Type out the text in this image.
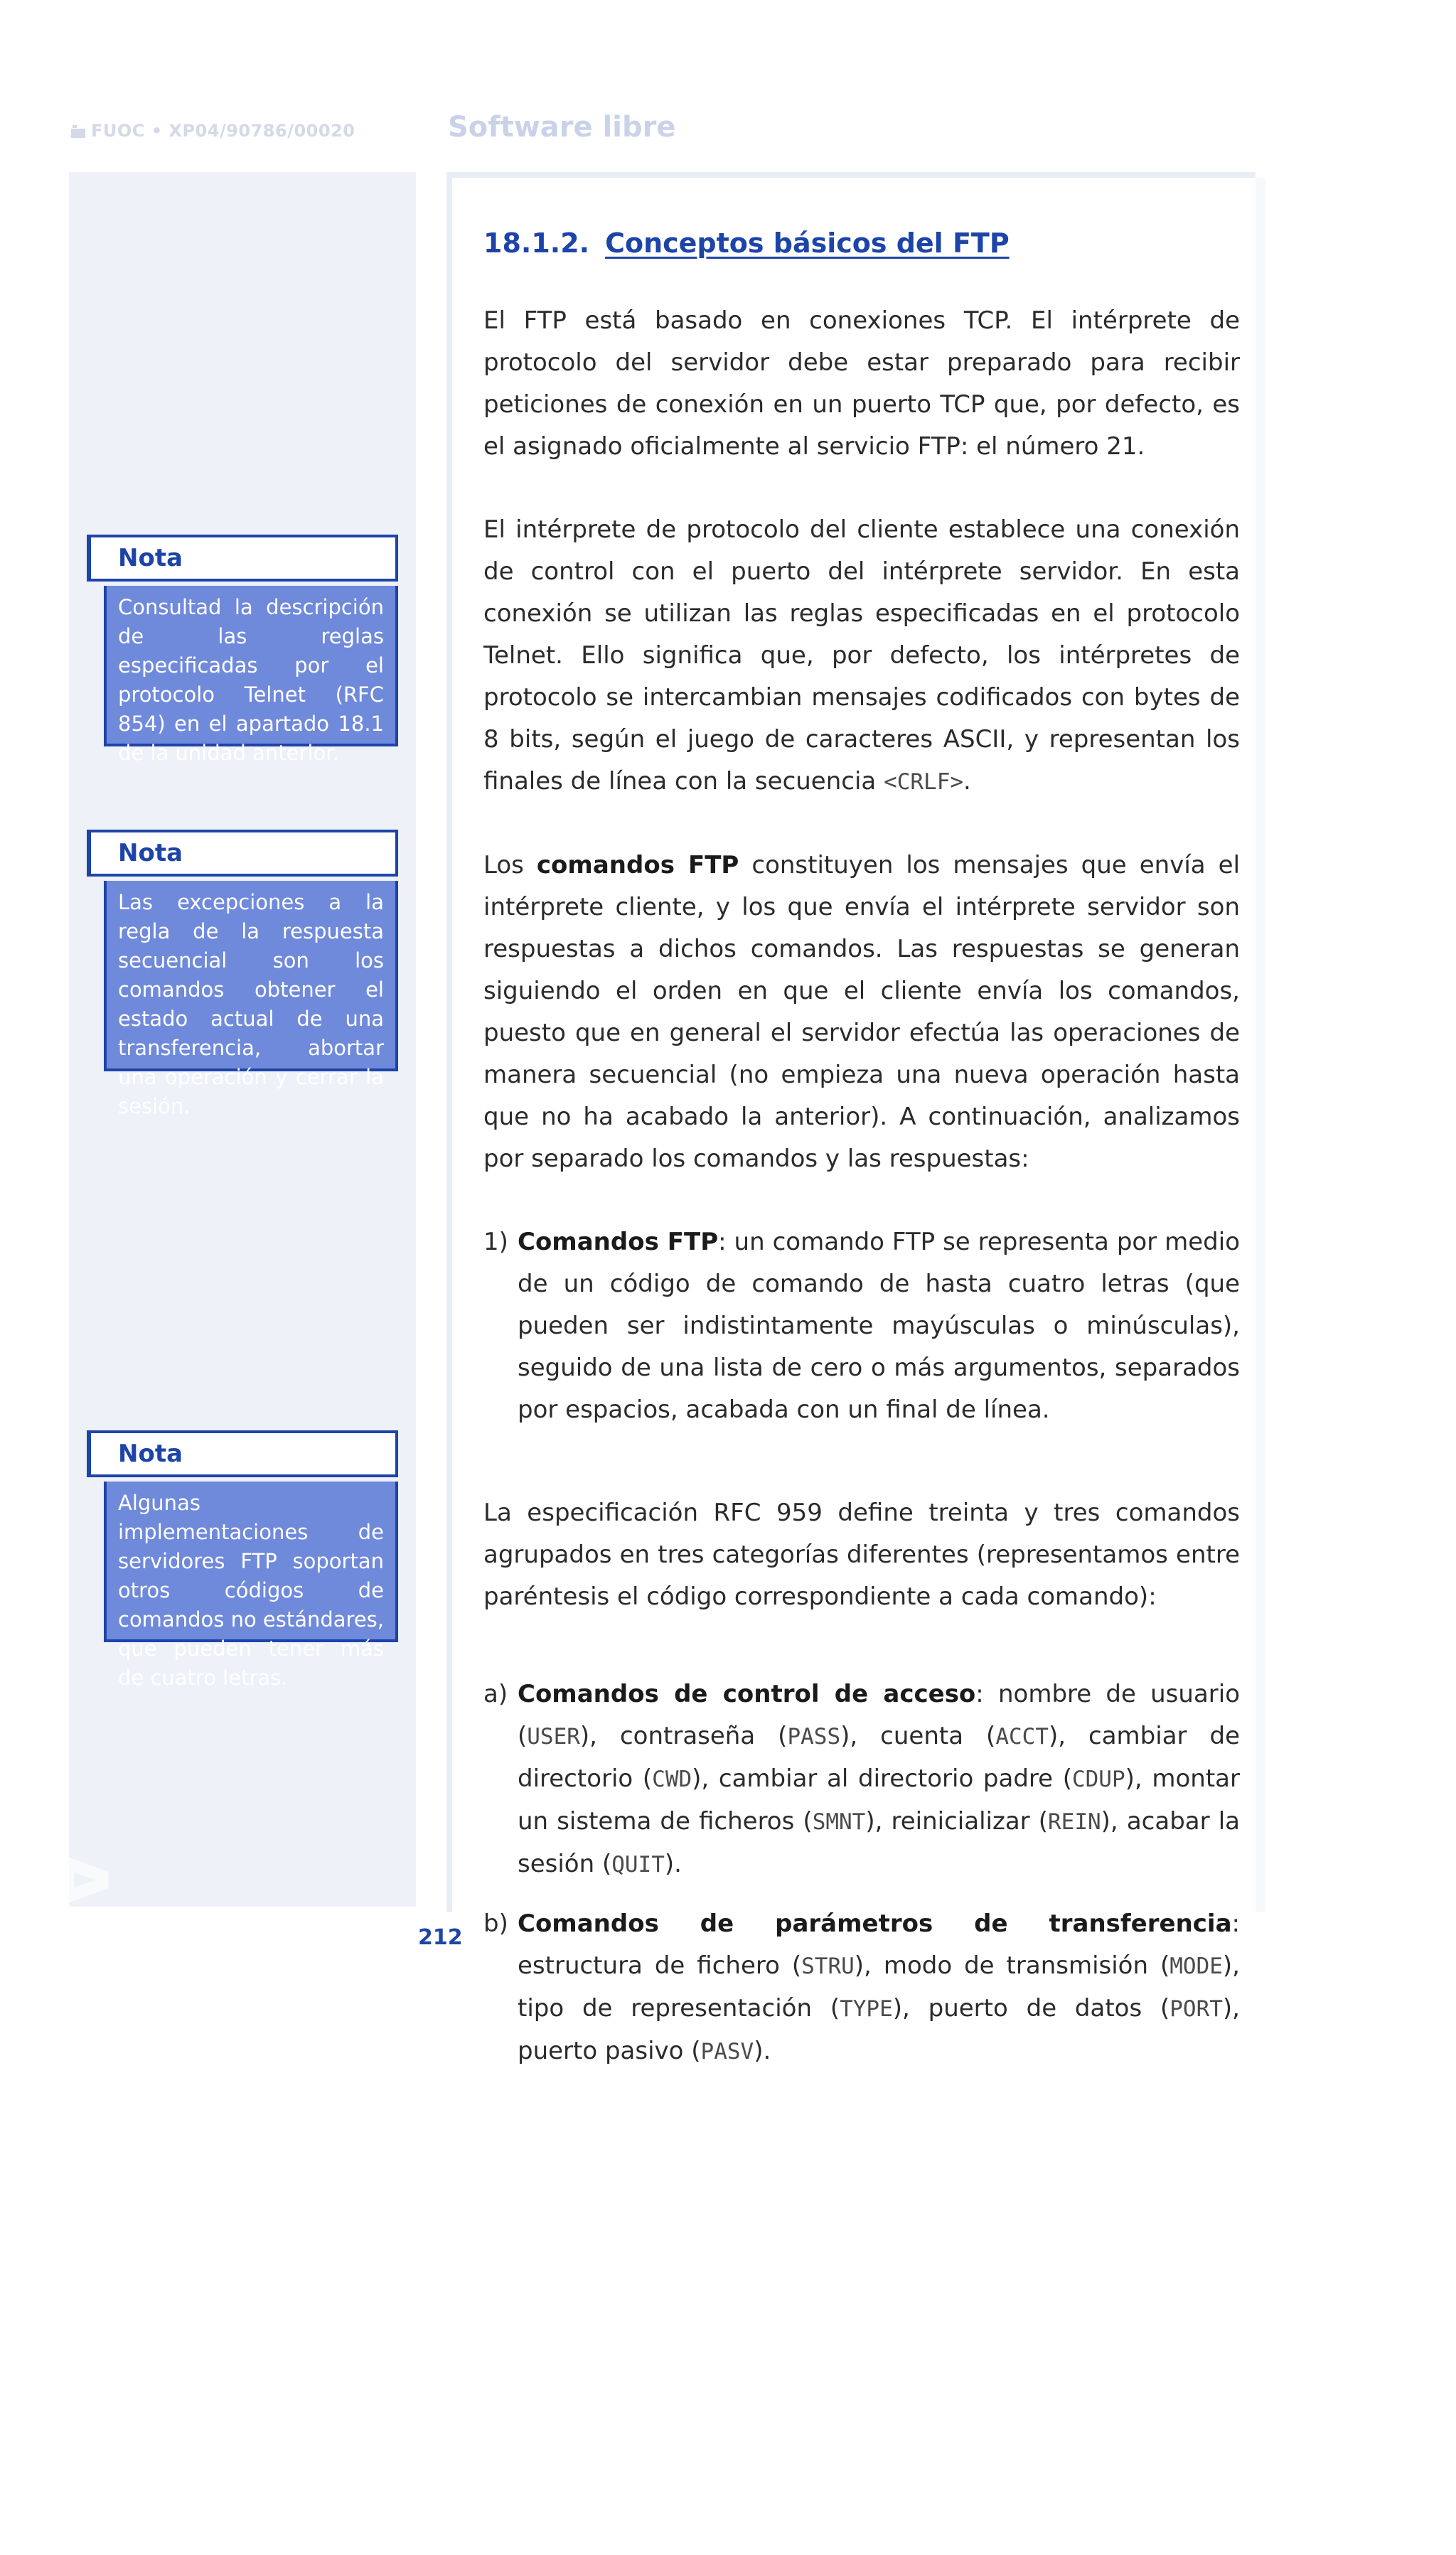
FUOC • XP04/90786/00020	Software libre
ANOTACIONES
Nota
Consultad la descripción de las reglas especificadas por el protocolo Telnet (RFC 854) en el apartado 18.1 de la unidad anterior.
Nota
Las excepciones a la regla de la respuesta secuencial son los comandos obtener el estado actual de una transferencia, abortar una operación y cerrar la sesión.
Nota
Algunas implementaciones de servidores FTP soportan otros códigos de comandos no estándares, que pueden tener más de cuatro letras.
18.1.2. Conceptos básicos del FTP

El FTP está basado en conexiones TCP. El intérprete de protocolo del servidor debe estar preparado para recibir peticiones de conexión en un puerto TCP que, por defecto, es el asignado oficialmente al servicio FTP: el número 21.

El intérprete de protocolo del cliente establece una conexión de control con el puerto del intérprete servidor. En esta conexión se utilizan las reglas especificadas en el protocolo Telnet. Ello significa que, por defecto, los intérpretes de protocolo se intercambian mensajes codificados con bytes de 8 bits, según el juego de caracteres ASCII, y representan los finales de línea con la secuencia <CRLF>.

Los comandos FTP constituyen los mensajes que envía el intérprete cliente, y los que envía el intérprete servidor son respuestas a dichos comandos. Las respuestas se generan siguiendo el orden en que el cliente envía los comandos, puesto que en general el servidor efectúa las operaciones de manera secuencial (no empieza una nueva operación hasta que no ha acabado la anterior). A continuación, analizamos por separado los comandos y las respuestas:

1) Comandos FTP: un comando FTP se representa por medio de un código de comando de hasta cuatro letras (que pueden ser indistintamente mayúsculas o minúsculas), seguido de una lista de cero o más argumentos, separados por espacios, acabada con un final de línea.

La especificación RFC 959 define treinta y tres comandos agrupados en tres categorías diferentes (representamos entre paréntesis el código correspondiente a cada comando):

a) Comandos de control de acceso: nombre de usuario (USER), contraseña (PASS), cuenta (ACCT), cambiar de directorio (CWD), cambiar al directorio padre (CDUP), montar un sistema de ficheros (SMNT), reinicializar (REIN), acabar la sesión (QUIT).

b) Comandos de parámetros de transferencia: estructura de fichero (STRU), modo de transmisión (MODE), tipo de representación (TYPE), puerto de datos (PORT), puerto pasivo (PASV).

212
